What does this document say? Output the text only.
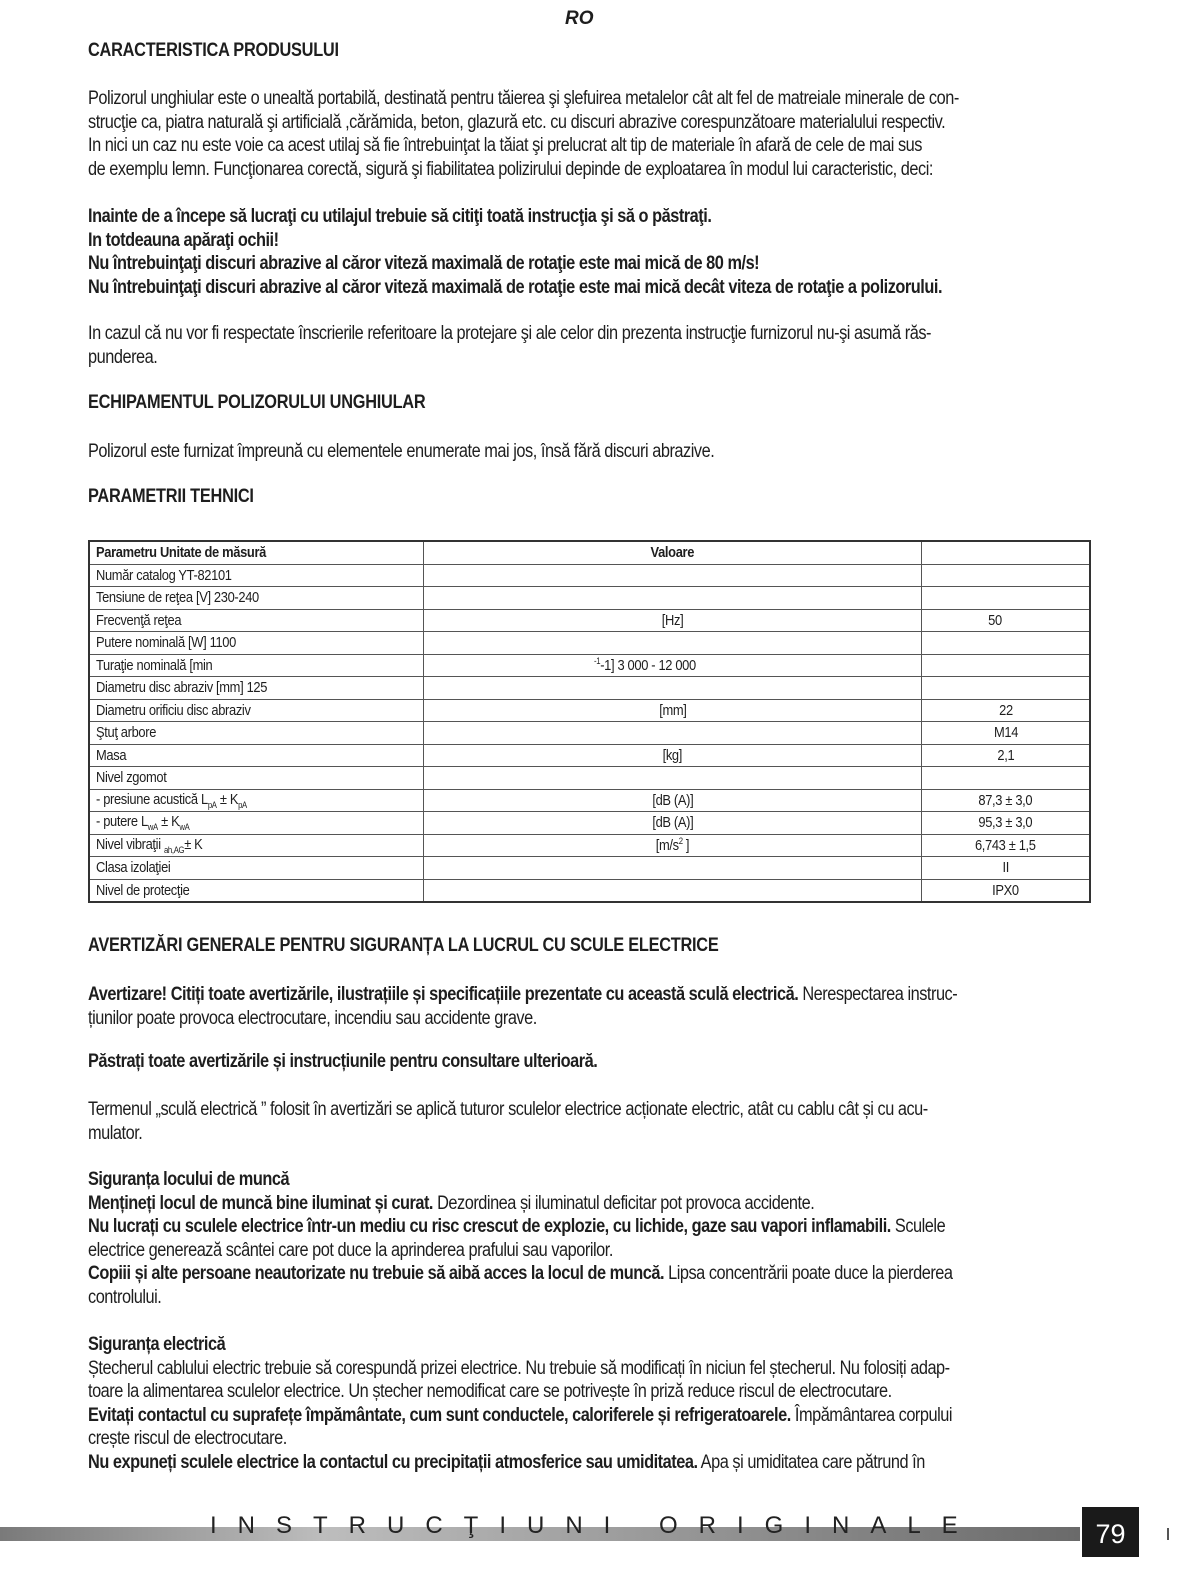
RO
CARACTERISTICA PRODUSULUI
Polizorul unghiular este o unealtă portabilă, destinată pentru tăierea şi şlefuirea metalelor cât alt fel de matreiale minerale de con-
strucţie ca, piatra naturală şi artificială ,cărămida, beton, glazură etc. cu discuri abrazive corespunzătoare materialului respectiv.
In nici un caz nu este voie ca acest utilaj să fie întrebuinţat la tăiat şi prelucrat alt tip de materiale în afară de cele de mai sus
de exemplu lemn. Funcţionarea corectă, sigură şi fiabilitatea polizirului depinde de exploatarea în modul lui caracteristic, deci:
Inainte de a începe să lucraţi cu utilajul trebuie să citiţi toată instrucţia şi să o păstraţi.
In totdeauna apăraţi ochii!
Nu întrebuinţaţi discuri abrazive al căror viteză maximală de rotaţie este mai mică de 80 m/s!
Nu întrebuinţaţi discuri abrazive al căror viteză maximală de rotaţie este mai mică decât viteza de rotaţie a polizorului.
In cazul că nu vor fi respectate înscrierile referitoare la protejare şi ale celor din prezenta instrucţie furnizorul nu-şi asumă răs-
punderea.
ECHIPAMENTUL POLIZORULUI UNGHIULAR
Polizorul este furnizat împreună cu elementele enumerate mai jos, însă fără discuri abrazive.
PARAMETRII TEHNICI
Parametru Unitate de măsură	Valoare	
Număr catalog YT-82101		
Tensiune de reţea [V] 230-240		
Frecvenţă reţea	[Hz]	50
Putere nominală [W] 1100		
Turaţie nominală [min	$^{-1}$-1] 3 000 - 12 000	
Diametru disc abraziv [mm] 125		
Diametru orificiu disc abraziv	[mm]	22
Ştuţ arbore		M14
Masa	[kg]	2,1
Nivel zgomot		
- presiune acustică $L_{pA} \pm K_{pA}$	[dB (A)]	87,3 ± 3,0
- putere $L_{wA} \pm K_{wA}$	[dB (A)]	95,3 ± 3,0
Nivel vibraţii $_{ah,AG}$± K	[$m/s^2$ ]	6,743 ± 1,5
Clasa izolaţiei		II
Nivel de protecţie		IPX0
AVERTIZĂRI GENERALE PENTRU SIGURANȚA LA LUCRUL CU SCULE ELECTRICE
Avertizare! Citiți toate avertizările, ilustrațiile și specificațiile prezentate cu această sculă electrică. Nerespectarea instruc-
țiunilor poate provoca electrocutare, incendiu sau accidente grave.
Păstrați toate avertizările și instrucțiunile pentru consultare ulterioară.
Termenul „sculă electrică ” folosit în avertizări se aplică tuturor sculelor electrice acționate electric, atât cu cablu cât și cu acu-
mulator.
Siguranța locului de muncă
Mențineți locul de muncă bine iluminat și curat. Dezordinea și iluminatul deficitar pot provoca accidente.
Nu lucrați cu sculele electrice într-un mediu cu risc crescut de explozie, cu lichide, gaze sau vapori inflamabili. Sculele
electrice generează scântei care pot duce la aprinderea prafului sau vaporilor.
Copiii și alte persoane neautorizate nu trebuie să aibă acces la locul de muncă. Lipsa concentrării poate duce la pierderea
controlului.
Siguranța electrică
Ștecherul cablului electric trebuie să corespundă prizei electrice. Nu trebuie să modificați în niciun fel ștecherul. Nu folosiți adap-
toare la alimentarea sculelor electrice. Un ștecher nemodificat care se potrivește în priză reduce riscul de electrocutare.
Evitați contactul cu suprafețe împământate, cum sunt conductele, caloriferele și refrigeratoarele. Împământarea corpului
crește riscul de electrocutare.
Nu expuneți sculele electrice la contactul cu precipitații atmosferice sau umiditatea. Apa și umiditatea care pătrund în
INSTRUCŢIUNI ORIGINALE	79
